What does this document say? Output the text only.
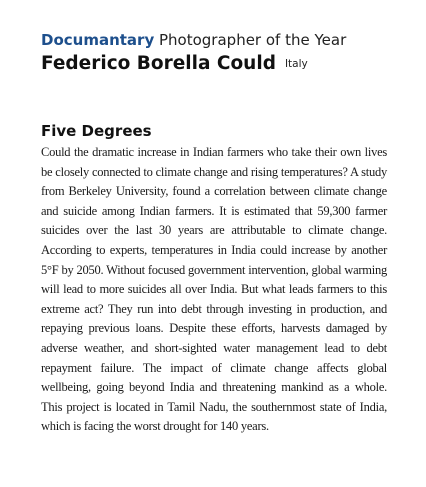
Documantary Photographer of the Year
Federico Borella Could Italy
Five Degrees

Could the dramatic increase in Indian farmers who take their own lives be closely connected to climate change and rising temperatures? A study from Berkeley University, found a correlation between climate change and suicide among Indian farmers. It is estimated that 59,300 farmer suicides over the last 30 years are attributable to climate change. According to experts, temperatures in India could increase by another 5°F by 2050. Without focused government intervention, global warming will lead to more suicides all over India. But what leads farmers to this extreme act? They run into debt through investing in production, and repaying previous loans. Despite these efforts, harvests damaged by adverse weather, and short-sighted water management lead to debt repayment failure. The impact of climate change affects global wellbeing, going beyond India and threatening mankind as a whole. This project is located in Tamil Nadu, the southernmost state of India, which is facing the worst drought for 140 years.
